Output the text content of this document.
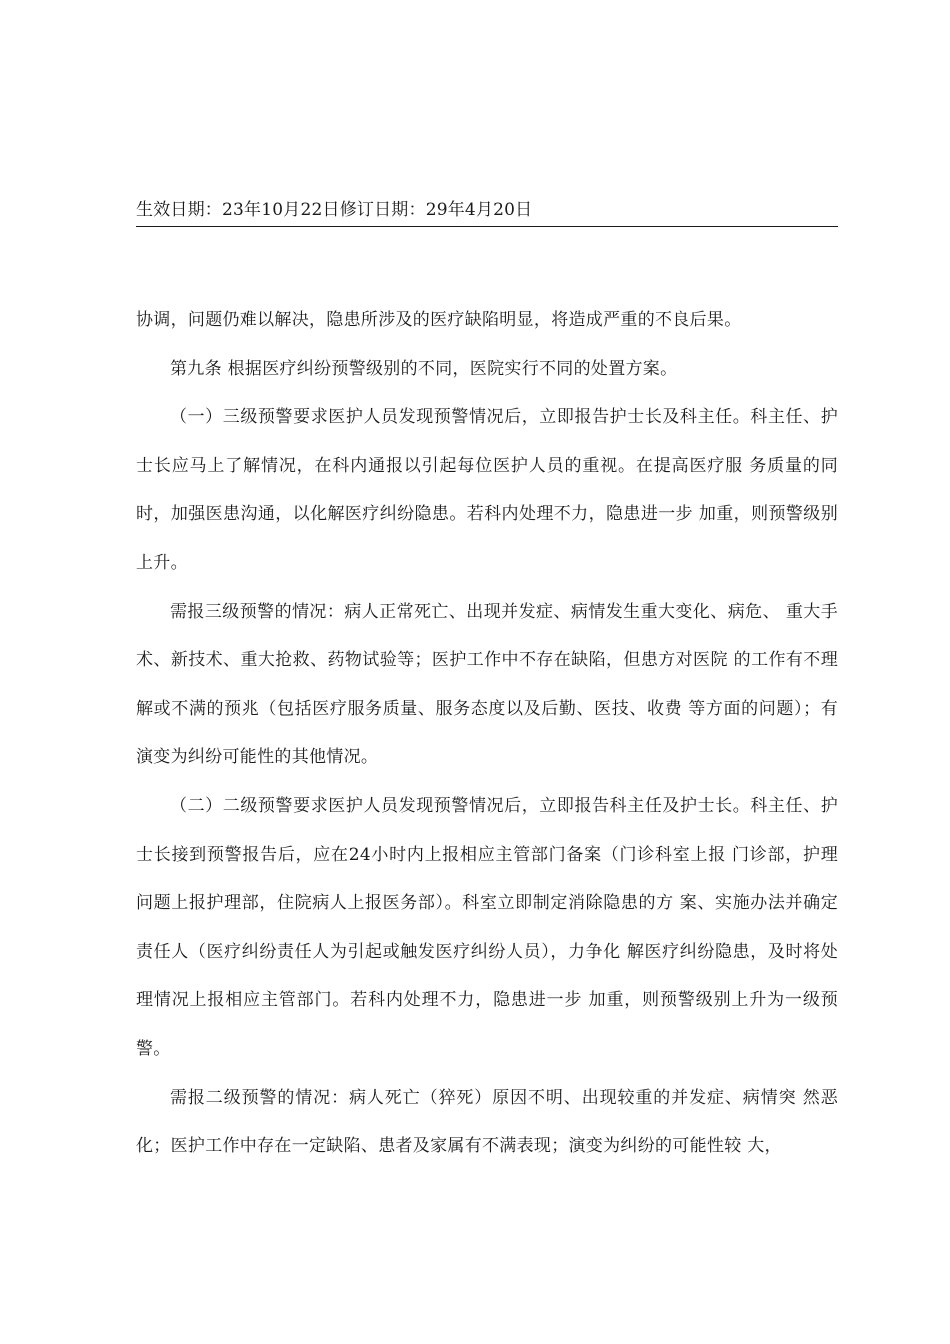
生效日期：23年10月22日修订日期：29年4月20日

协调，问题仍难以解决，隐患所涉及的医疗缺陷明显，将造成严重的不良后果。

第九条 根据医疗纠纷预警级别的不同，医院实行不同的处置方案。

（一）三级预警要求医护人员发现预警情况后，立即报告护士长及科主任。科主任、护士长应马上了解情况，在科内通报以引起每位医护人员的重视。在提高医疗服 务质量的同时，加强医患沟通，以化解医疗纠纷隐患。若科内处理不力，隐患进一步 加重，则预警级别上升。

需报三级预警的情况：病人正常死亡、出现并发症、病情发生重大变化、病危、 重大手术、新技术、重大抢救、药物试验等；医护工作中不存在缺陷，但患方对医院 的工作有不理解或不满的预兆（包括医疗服务质量、服务态度以及后勤、医技、收费 等方面的问题）；有演变为纠纷可能性的其他情况。

（二）二级预警要求医护人员发现预警情况后，立即报告科主任及护士长。科主任、护士长接到预警报告后，应在24小时内上报相应主管部门备案（门诊科室上报 门诊部，护理问题上报护理部，住院病人上报医务部）。科室立即制定消除隐患的方 案、实施办法并确定责任人（医疗纠纷责任人为引起或触发医疗纠纷人员），力争化 解医疗纠纷隐患，及时将处理情况上报相应主管部门。若科内处理不力，隐患进一步 加重，则预警级别上升为一级预警。

需报二级预警的情况：病人死亡（猝死）原因不明、出现较重的并发症、病情突 然恶化；医护工作中存在一定缺陷、患者及家属有不满表现；演变为纠纷的可能性较 大，
